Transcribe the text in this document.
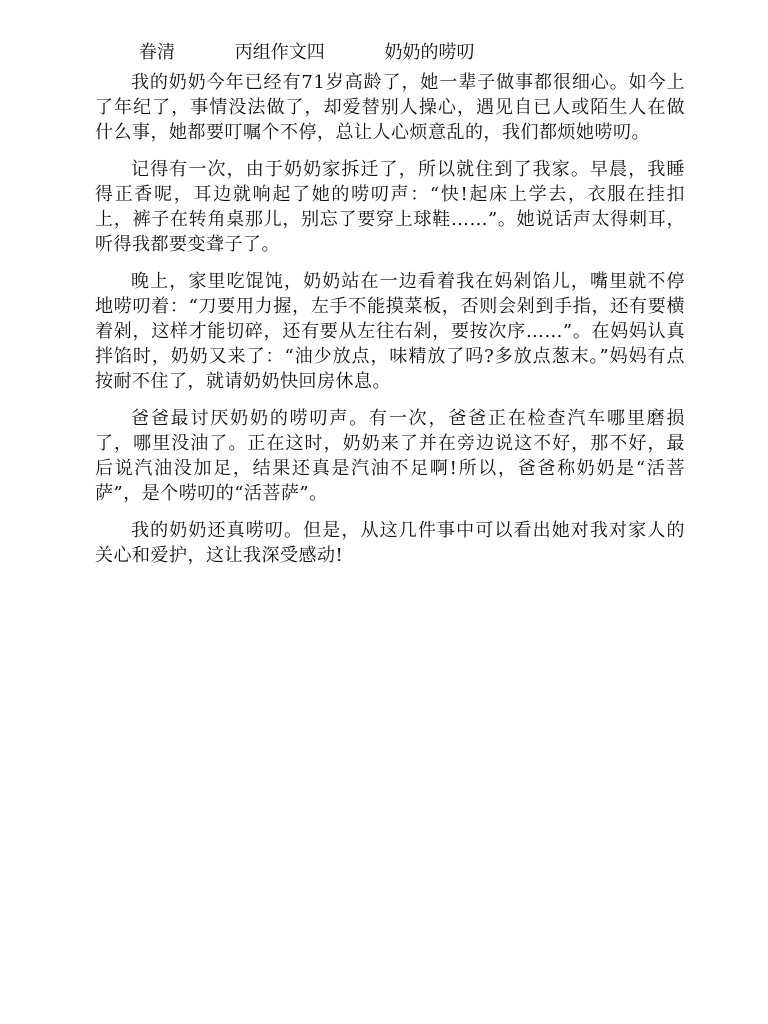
眷清	丙组作文四	奶奶的唠叨

我的奶奶今年已经有71岁高龄了，她一辈子做事都很细心。如今上了年纪了，事情没法做了，却爱替别人操心，遇见自已人或陌生人在做什么事，她都要叮嘱个不停，总让人心烦意乱的，我们都烦她唠叨。

记得有一次，由于奶奶家拆迁了，所以就住到了我家。早晨，我睡得正香呢，耳边就响起了她的唠叨声：“快!起床上学去，衣服在挂扣上，裤子在转角桌那儿，别忘了要穿上球鞋……”。她说话声太得刺耳，听得我都要变聋子了。

晚上，家里吃馄饨，奶奶站在一边看着我在妈剁馅儿，嘴里就不停地唠叨着：“刀要用力握，左手不能摸菜板，否则会剁到手指，还有要横着剁，这样才能切碎，还有要从左往右剁，要按次序……”。在妈妈认真拌馅时，奶奶又来了：“油少放点，味精放了吗?多放点葱末。”妈妈有点按耐不住了，就请奶奶快回房休息。

爸爸最讨厌奶奶的唠叨声。有一次，爸爸正在检查汽车哪里磨损了，哪里没油了。正在这时，奶奶来了并在旁边说这不好，那不好，最后说汽油没加足，结果还真是汽油不足啊!所以，爸爸称奶奶是“活菩萨”，是个唠叨的“活菩萨”。

我的奶奶还真唠叨。但是，从这几件事中可以看出她对我对家人的关心和爱护，这让我深受感动!
